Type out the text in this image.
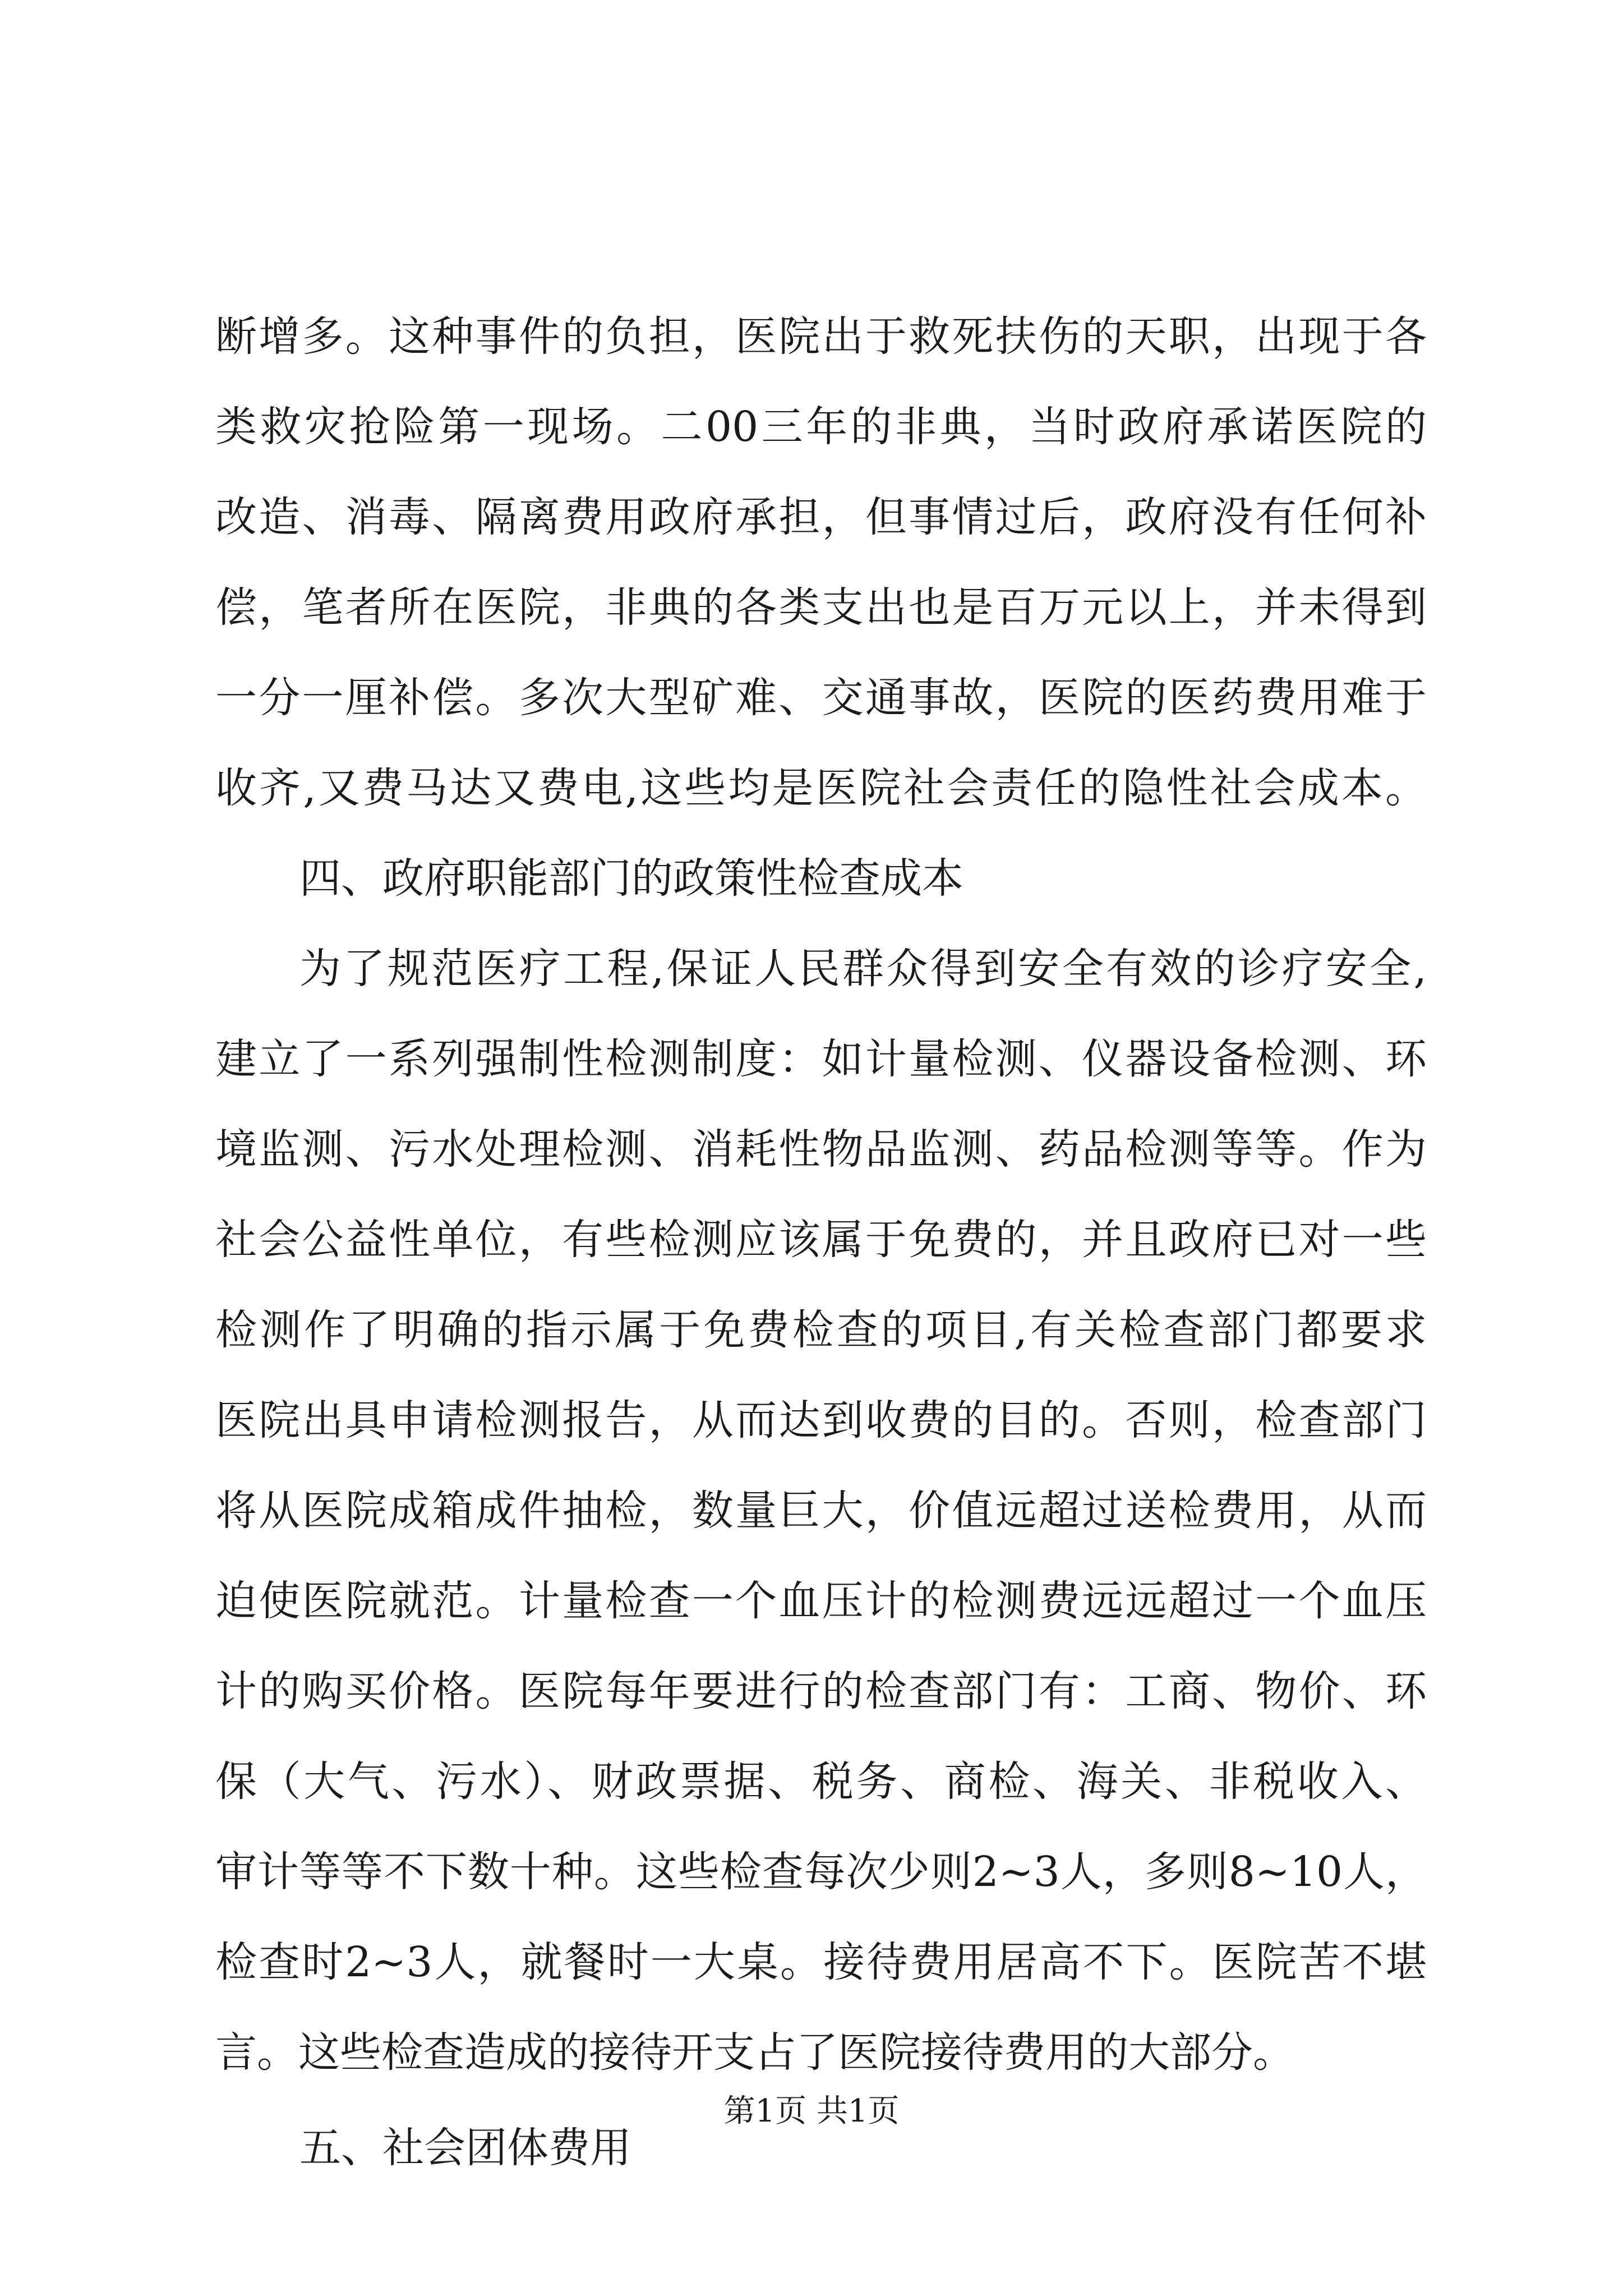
断增多。这种事件的负担，医院出于救死扶伤的天职，出现于各
类救灾抢险第一现场。二00三年的非典，当时政府承诺医院的
改造、消毒、隔离费用政府承担，但事情过后，政府没有任何补
偿，笔者所在医院，非典的各类支出也是百万元以上，并未得到
一分一厘补偿。多次大型矿难、交通事故，医院的医药费用难于
收齐,又费马达又费电,这些均是医院社会责任的隐性社会成本。
四、政府职能部门的政策性检查成本
为了规范医疗工程,保证人民群众得到安全有效的诊疗安全,
建立了一系列强制性检测制度：如计量检测、仪器设备检测、环
境监测、污水处理检测、消耗性物品监测、药品检测等等。作为
社会公益性单位，有些检测应该属于免费的，并且政府已对一些
检测作了明确的指示属于免费检查的项目,有关检查部门都要求
医院出具申请检测报告，从而达到收费的目的。否则，检查部门
将从医院成箱成件抽检，数量巨大，价值远超过送检费用，从而
迫使医院就范。计量检查一个血压计的检测费远远超过一个血压
计的购买价格。医院每年要进行的检查部门有：工商、物价、环
保（大气、污水）、财政票据、税务、商检、海关、非税收入、
审计等等不下数十种。这些检查每次少则2~3人，多则8~10人，
检查时2~3人，就餐时一大桌。接待费用居高不下。医院苦不堪
言。这些检查造成的接待开支占了医院接待费用的大部分。
五、社会团体费用
第1页 共1页
